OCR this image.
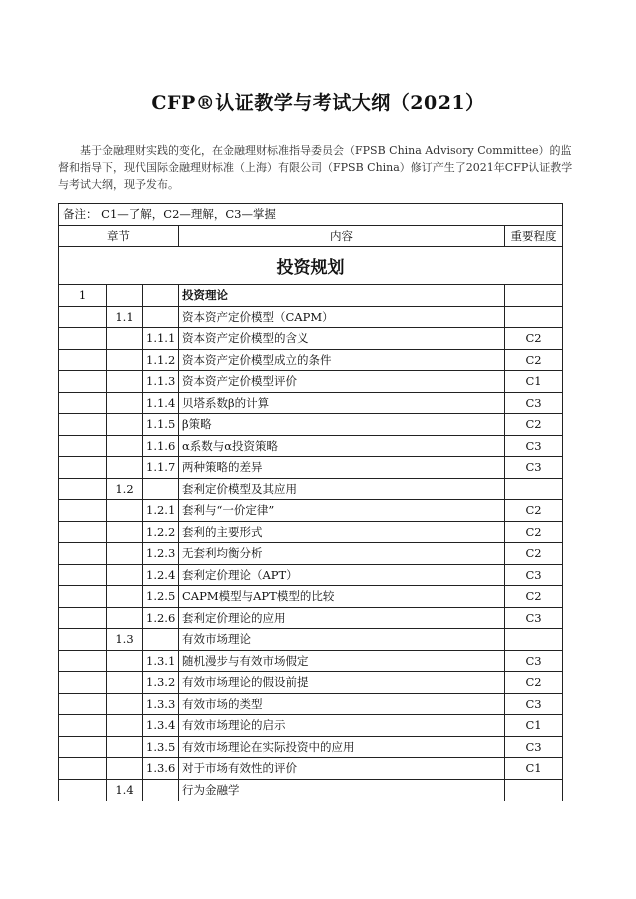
CFP®认证教学与考试大纲（2021）

基于金融理财实践的变化，在金融理财标准指导委员会（FPSB China Advisory Committee）的监督和指导下，现代国际金融理财标准（上海）有限公司（FPSB China）修订产生了2021年CFP认证教学与考试大纲，现予发布。

备注： C1—了解，C2—理解，C3—掌握				
章节			内容	重要程度
投资规划				
1			投资理论	
	1.1		资本资产定价模型（CAPM）	
		1.1.1	资本资产定价模型的含义	C2
		1.1.2	资本资产定价模型成立的条件	C2
		1.1.3	资本资产定价模型评价	C1
		1.1.4	贝塔系数β的计算	C3
		1.1.5	β策略	C2
		1.1.6	α系数与α投资策略	C3
		1.1.7	两种策略的差异	C3
	1.2		套利定价模型及其应用	
		1.2.1	套利与“一价定律”	C2
		1.2.2	套利的主要形式	C2
		1.2.3	无套利均衡分析	C2
		1.2.4	套利定价理论（APT）	C3
		1.2.5	CAPM模型与APT模型的比较	C2
		1.2.6	套利定价理论的应用	C3
	1.3		有效市场理论	
		1.3.1	随机漫步与有效市场假定	C3
		1.3.2	有效市场理论的假设前提	C2
		1.3.3	有效市场的类型	C3
		1.3.4	有效市场理论的启示	C1
		1.3.5	有效市场理论在实际投资中的应用	C3
		1.3.6	对于市场有效性的评价	C1
	1.4		行为金融学	
